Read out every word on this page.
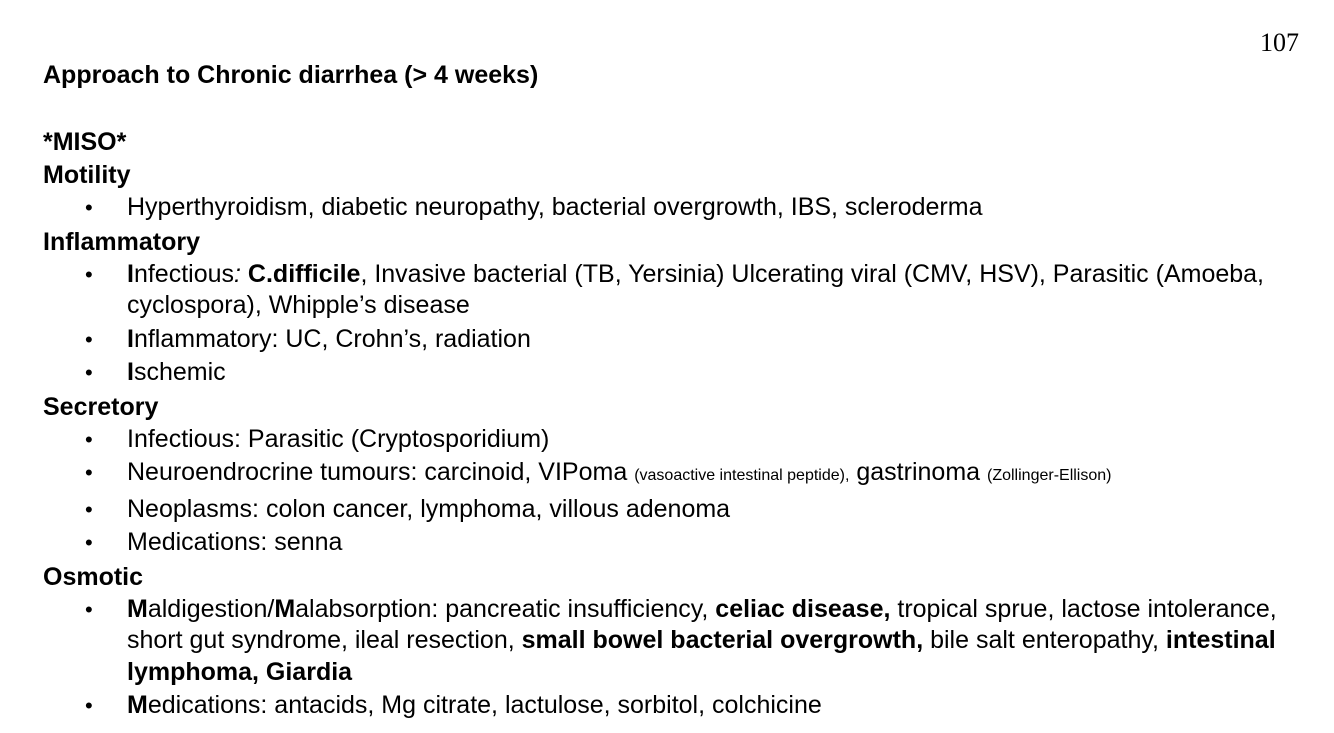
107
Approach to Chronic diarrhea (> 4 weeks)
*MISO*
Motility
• Hyperthyroidism, diabetic neuropathy, bacterial overgrowth, IBS, scleroderma
Inflammatory
• Infectious: C.difficile, Invasive bacterial (TB, Yersinia) Ulcerating viral (CMV, HSV), Parasitic (Amoeba, cyclospora), Whipple’s disease
• Inflammatory: UC, Crohn’s, radiation
• Ischemic
Secretory
• Infectious: Parasitic (Cryptosporidium)
• Neuroendrocrine tumours: carcinoid, VIPoma (vasoactive intestinal peptide), gastrinoma (Zollinger-Ellison)
• Neoplasms: colon cancer, lymphoma, villous adenoma
• Medications: senna
Osmotic
• Maldigestion/Malabsorption: pancreatic insufficiency, celiac disease, tropical sprue, lactose intolerance, short gut syndrome, ileal resection, small bowel bacterial overgrowth, bile salt enteropathy, intestinal lymphoma, Giardia
• Medications: antacids, Mg citrate, lactulose, sorbitol, colchicine
